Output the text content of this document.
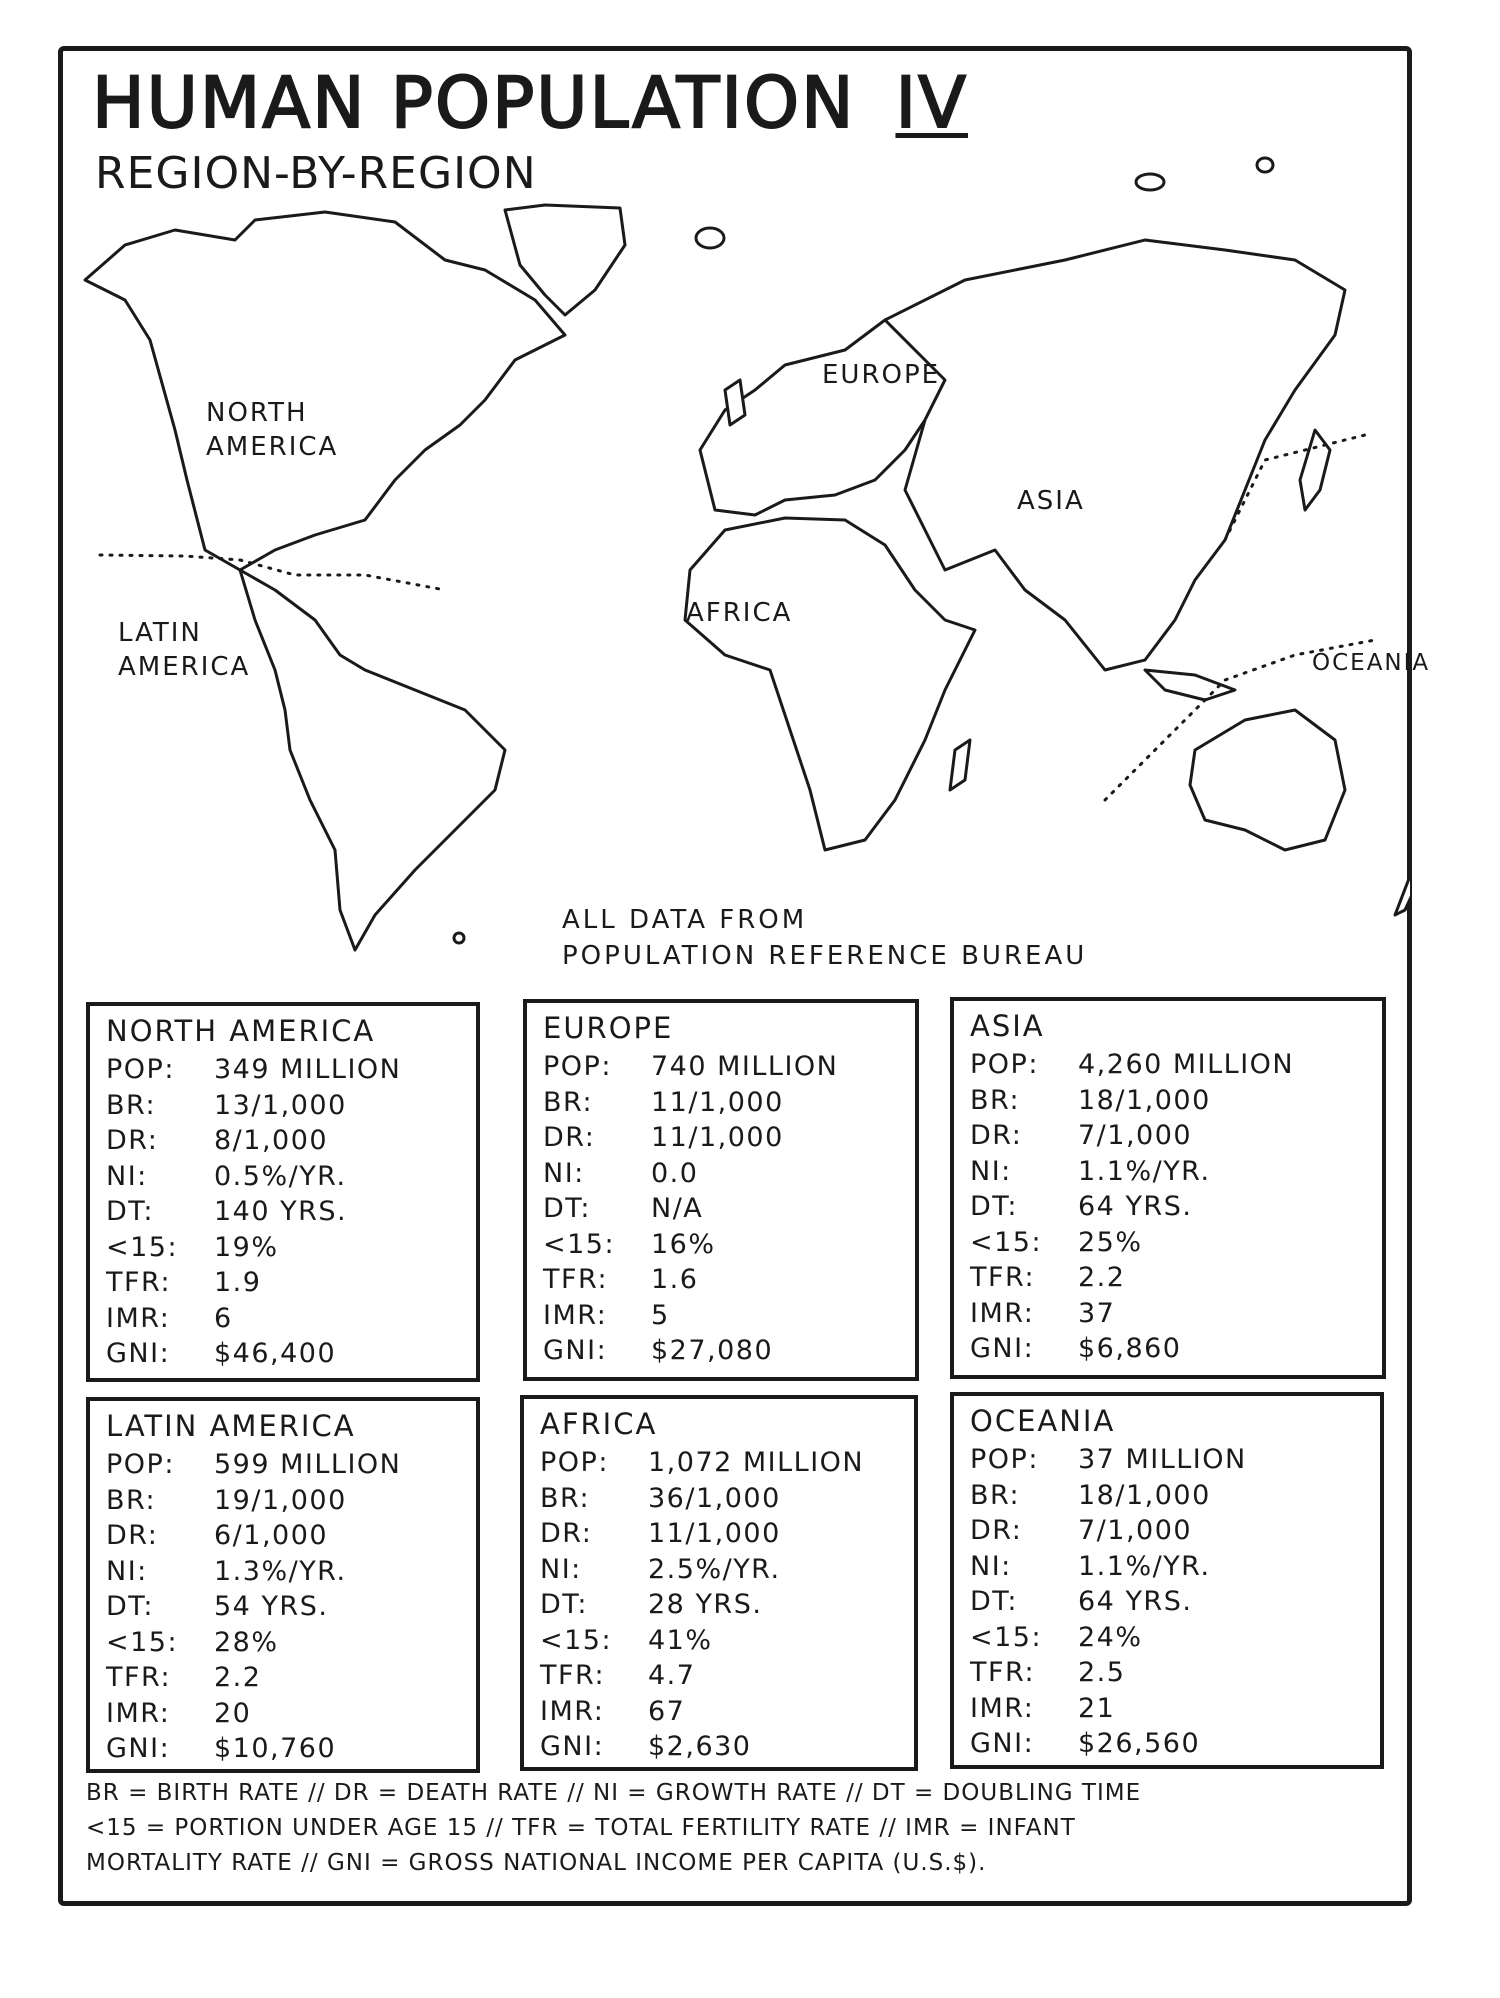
HUMAN POPULATION IV
REGION-BY-REGION
NORTH
AMERICA
LATIN
AMERICA
EUROPE
ASIA
AFRICA
OCEANIA
ALL DATA FROM
POPULATION REFERENCE BUREAU
NORTH AMERICA
POP:	349 MILLION
BR:	13/1,000
DR:	8/1,000
NI:	0.5%/YR.
DT:	140 YRS.
<15:	19%
TFR:	1.9
IMR:	6
GNI:	$46,400
EUROPE
POP:	740 MILLION
BR:	11/1,000
DR:	11/1,000
NI:	0.0
DT:	N/A
<15:	16%
TFR:	1.6
IMR:	5
GNI:	$27,080
ASIA
POP:	4,260 MILLION
BR:	18/1,000
DR:	7/1,000
NI:	1.1%/YR.
DT:	64 YRS.
<15:	25%
TFR:	2.2
IMR:	37
GNI:	$6,860
LATIN AMERICA
POP:	599 MILLION
BR:	19/1,000
DR:	6/1,000
NI:	1.3%/YR.
DT:	54 YRS.
<15:	28%
TFR:	2.2
IMR:	20
GNI:	$10,760
AFRICA
POP:	1,072 MILLION
BR:	36/1,000
DR:	11/1,000
NI:	2.5%/YR.
DT:	28 YRS.
<15:	41%
TFR:	4.7
IMR:	67
GNI:	$2,630
OCEANIA
POP:	37 MILLION
BR:	18/1,000
DR:	7/1,000
NI:	1.1%/YR.
DT:	64 YRS.
<15:	24%
TFR:	2.5
IMR:	21
GNI:	$26,560
BR = BIRTH RATE // DR = DEATH RATE // NI = GROWTH RATE // DT = DOUBLING TIME
<15 = PORTION UNDER AGE 15 // TFR = TOTAL FERTILITY RATE // IMR = INFANT
MORTALITY RATE // GNI = GROSS NATIONAL INCOME PER CAPITA (U.S.$).
